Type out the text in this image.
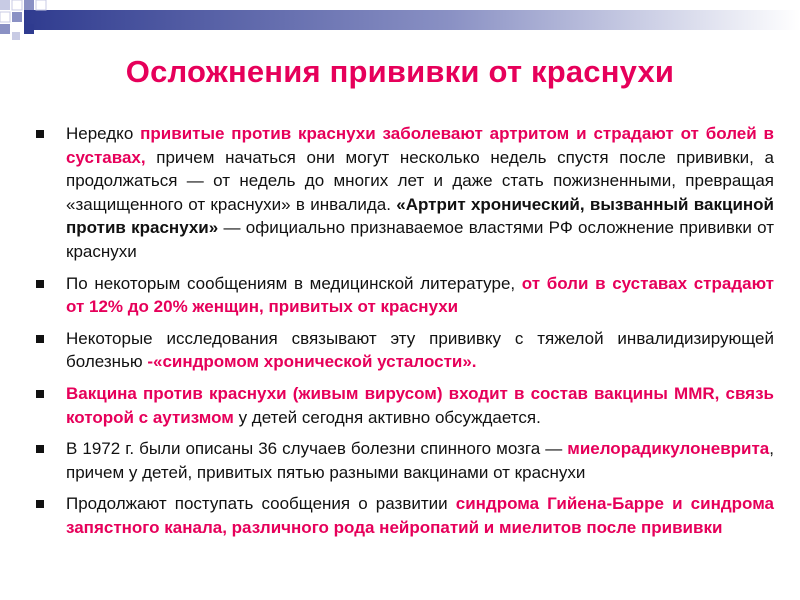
Осложнения прививки от краснухи
Нередко привитые против краснухи заболевают артритом и страдают от болей в суставах, причем начаться они могут несколько недель спустя после прививки, а продолжаться — от недель до многих лет и даже стать пожизненными, превращая «защищенного от краснухи» в инвалида. «Артрит хронический, вызванный вакциной против краснухи» — официально признаваемое властями РФ осложнение прививки от краснухи
По некоторым сообщениям в медицинской литературе, от боли в суставах страдают от 12% до 20% женщин, привитых от краснухи
Некоторые исследования связывают эту прививку с тяжелой инвалидизирующей болезнью -«синдромом хронической усталости».
Вакцина против краснухи (живым вирусом) входит в состав вакцины MMR, связь которой с аутизмом у детей сегодня активно обсуждается.
В 1972 г. были описаны 36 случаев болезни спинного мозга — миелорадикулоневрита, причем у детей, привитых пятью разными вакцинами от краснухи
Продолжают поступать сообщения о развитии синдрома Гийена-Барре и синдрома запястного канала, различного рода нейропатий и миелитов после прививки
